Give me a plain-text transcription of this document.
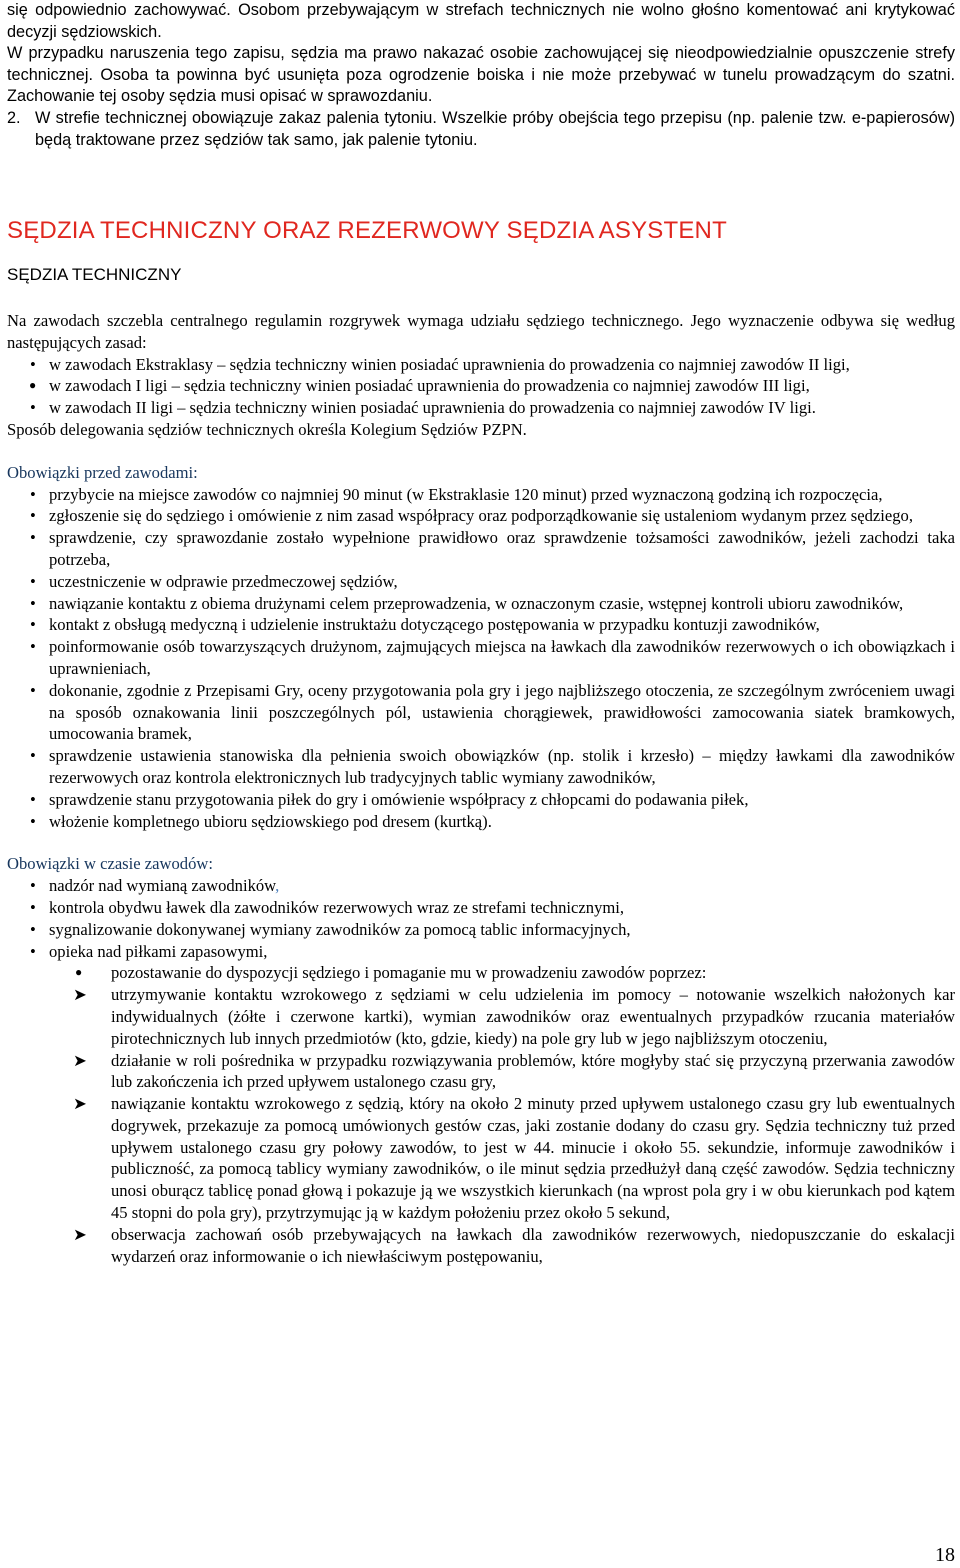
się odpowiednio zachowywać. Osobom przebywającym w strefach technicznych nie wolno głośno komentować ani krytykować decyzji sędziowskich.

W przypadku naruszenia tego zapisu, sędzia ma prawo nakazać osobie zachowującej się nieodpowiedzialnie opuszczenie strefy technicznej. Osoba ta powinna być usunięta poza ogrodzenie boiska i nie może przebywać w tunelu prowadzącym do szatni. Zachowanie tej osoby sędzia musi opisać w sprawozdaniu.

2. W strefie technicznej obowiązuje zakaz palenia tytoniu. Wszelkie próby obejścia tego przepisu (np. palenie tzw. e-papierosów) będą traktowane przez sędziów tak samo, jak palenie tytoniu.
SĘDZIA TECHNICZNY ORAZ REZERWOWY SĘDZIA ASYSTENT
SĘDZIA TECHNICZNY

Na zawodach szczebla centralnego regulamin rozgrywek wymaga udziału sędziego technicznego. Jego wyznaczenie odbywa się według następujących zasad:

• w zawodach Ekstraklasy – sędzia techniczny winien posiadać uprawnienia do prowadzenia co najmniej zawodów II ligi,
● w zawodach I ligi – sędzia techniczny winien posiadać uprawnienia do prowadzenia co najmniej zawodów III ligi,
• w zawodach II ligi – sędzia techniczny winien posiadać uprawnienia do prowadzenia co najmniej zawodów IV ligi.

Sposób delegowania sędziów technicznych określa Kolegium Sędziów PZPN.

Obowiązki przed zawodami:

• przybycie na miejsce zawodów co najmniej 90 minut (w Ekstraklasie 120 minut) przed wyznaczoną godziną ich rozpoczęcia,
• zgłoszenie się do sędziego i omówienie z nim zasad współpracy oraz podporządkowanie się ustaleniom wydanym przez sędziego,
• sprawdzenie, czy sprawozdanie zostało wypełnione prawidłowo oraz sprawdzenie tożsamości zawodników, jeżeli zachodzi taka potrzeba,
• uczestniczenie w odprawie przedmeczowej sędziów,
• nawiązanie kontaktu z obiema drużynami celem przeprowadzenia, w oznaczonym czasie, wstępnej kontroli ubioru zawodników,
• kontakt z obsługą medyczną i udzielenie instruktażu dotyczącego postępowania w przypadku kontuzji zawodników,
• poinformowanie osób towarzyszących drużynom, zajmujących miejsca na ławkach dla zawodników rezerwowych o ich obowiązkach i uprawnieniach,
• dokonanie, zgodnie z Przepisami Gry, oceny przygotowania pola gry i jego najbliższego otoczenia, ze szczególnym zwróceniem uwagi na sposób oznakowania linii poszczególnych pól, ustawienia chorągiewek, prawidłowości zamocowania siatek bramkowych, umocowania bramek,
• sprawdzenie ustawienia stanowiska dla pełnienia swoich obowiązków (np. stolik i krzesło) – między ławkami dla zawodników rezerwowych oraz kontrola elektronicznych lub tradycyjnych tablic wymiany zawodników,
• sprawdzenie stanu przygotowania piłek do gry i omówienie współpracy z chłopcami do podawania piłek,
• włożenie kompletnego ubioru sędziowskiego pod dresem (kurtką).

Obowiązki w czasie zawodów:

• nadzór nad wymianą zawodników,
• kontrola obydwu ławek dla zawodników rezerwowych wraz ze strefami technicznymi,
• sygnalizowanie dokonywanej wymiany zawodników za pomocą tablic informacyjnych,
• opieka nad piłkami zapasowymi,
● pozostawanie do dyspozycji sędziego i pomaganie mu w prowadzeniu zawodów poprzez:
➤ utrzymywanie kontaktu wzrokowego z sędziami w celu udzielenia im pomocy – notowanie wszelkich nałożonych kar indywidualnych (żółte i czerwone kartki), wymian zawodników oraz ewentualnych przypadków rzucania materiałów pirotechnicznych lub innych przedmiotów (kto, gdzie, kiedy) na pole gry lub w jego najbliższym otoczeniu,
➤ działanie w roli pośrednika w przypadku rozwiązywania problemów, które mogłyby stać się przyczyną przerwania zawodów lub zakończenia ich przed upływem ustalonego czasu gry,
➤ nawiązanie kontaktu wzrokowego z sędzią, który na około 2 minuty przed upływem ustalonego czasu gry lub ewentualnych dogrywek, przekazuje za pomocą umówionych gestów czas, jaki zostanie dodany do czasu gry. Sędzia techniczny tuż przed upływem ustalonego czasu gry połowy zawodów, to jest w 44. minucie i około 55. sekundzie, informuje zawodników i publiczność, za pomocą tablicy wymiany zawodników, o ile minut sędzia przedłużył daną część zawodów. Sędzia techniczny unosi oburącz tablicę ponad głową i pokazuje ją we wszystkich kierunkach (na wprost pola gry i w obu kierunkach pod kątem 45 stopni do pola gry), przytrzymując ją w każdym położeniu przez około 5 sekund,
➤ obserwacja zachowań osób przebywających na ławkach dla zawodników rezerwowych, niedopuszczanie do eskalacji wydarzeń oraz informowanie o ich niewłaściwym postępowaniu,
18
